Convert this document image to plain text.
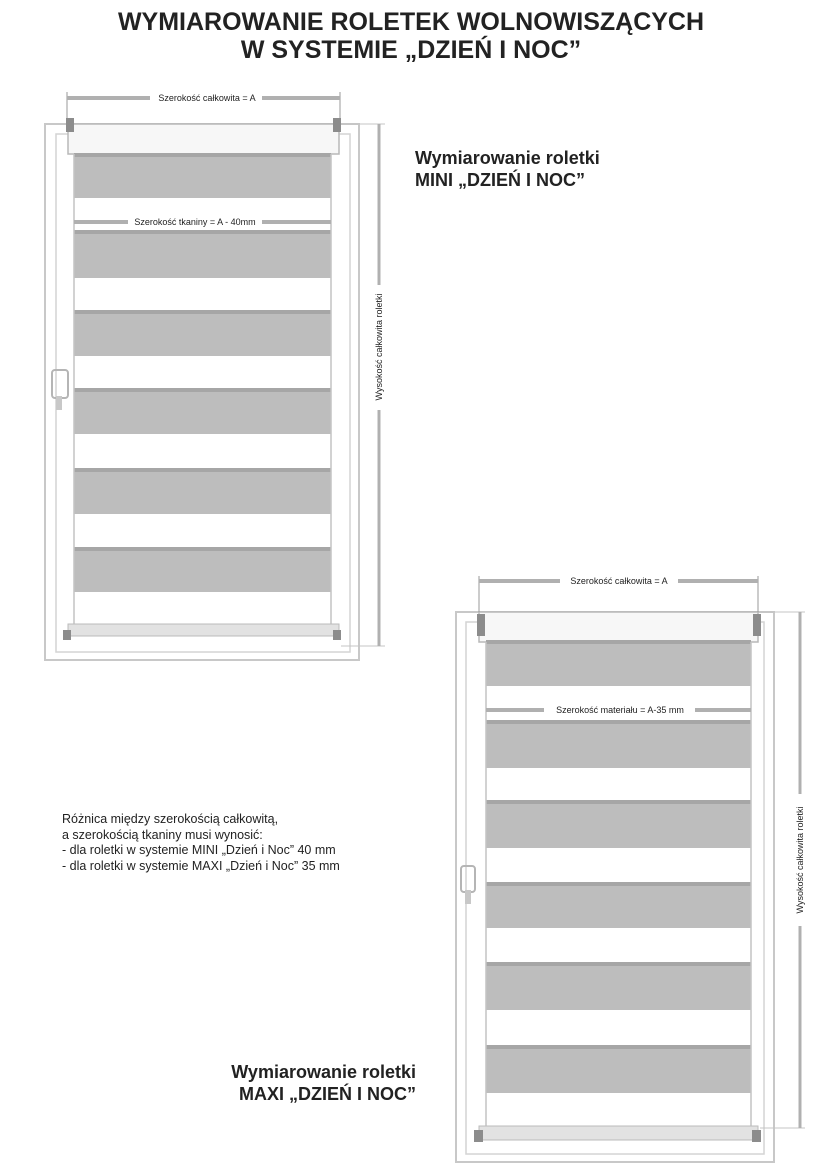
WYMIAROWANIE ROLETEK WOLNOWISZĄCYCH
W SYSTEMIE „DZIEŃ I NOC”
Wymiarowanie roletki
MINI „DZIEŃ I NOC”
Wymiarowanie roletki
MAXI „DZIEŃ I NOC”
Różnica między szerokością całkowitą,
a szerokością tkaniny musi wynosić:
- dla roletki w systemie MINI „Dzień i Noc” 40 mm
- dla roletki w systemie MAXI „Dzień i Noc” 35 mm
Szerokość całkowita = A
Szerokość tkaniny = A - 40mm
Wysokość całkowita roletki
Szerokość całkowita = A
Szerokość materiału = A-35 mm
Wysokość całkowita roletki
